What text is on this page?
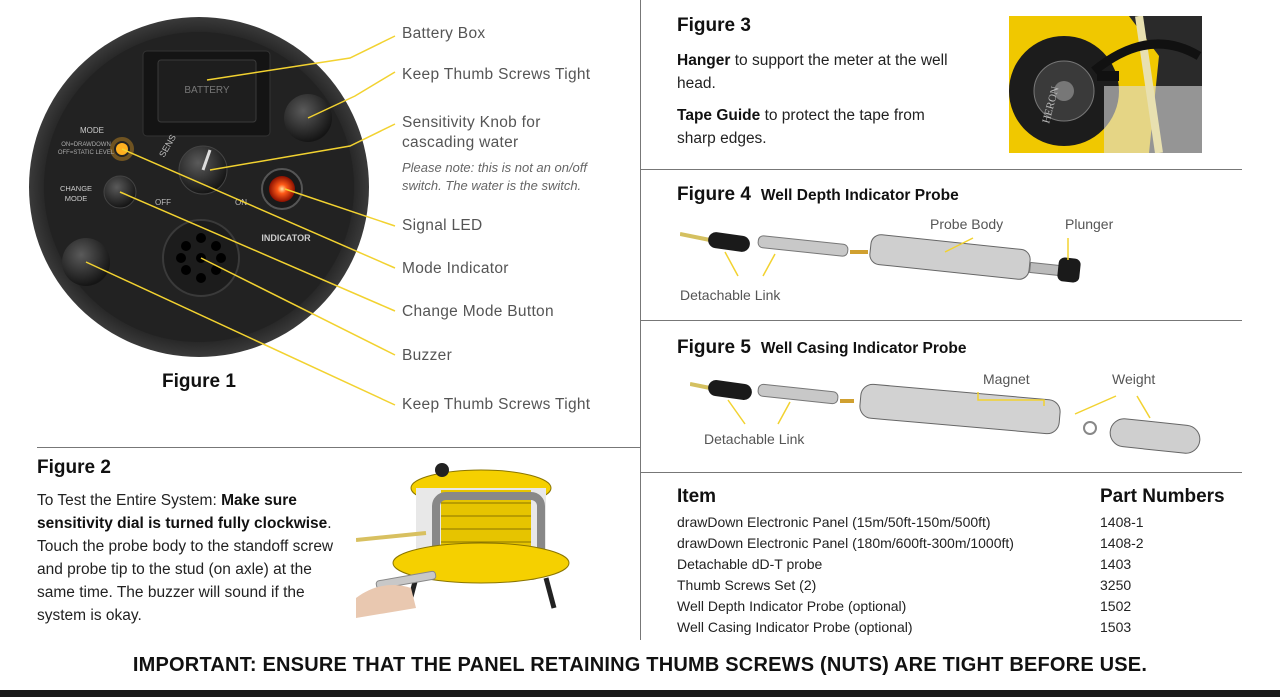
BATTERY
SENS
OFF	ON
INDICATOR
MODE
ON=DRAWDOWN
OFF=STATIC LEVEL
CHANGE
MODE
Battery Box
Keep Thumb Screws Tight
Sensitivity Knob for cascading water
Please note: this is not an on/off switch. The water is the switch.
Signal LED
Mode Indicator
Change Mode Button
Buzzer
Keep Thumb Screws Tight
Figure 1
Figure 2
To Test the Entire System: Make sure sensitivity dial is turned fully clockwise. Touch the probe body to the standoff screw and probe tip to the stud (on axle) at the same time. The buzzer will sound if the system is okay.
Figure 3
Hanger to support the meter at the well head.
Tape Guide to protect the tape from sharp edges.
HERON
Figure 4 Well Depth Indicator Probe
Probe Body	Plunger
Detachable Link
Figure 5 Well Casing Indicator Probe
Magnet	Weight
Detachable Link
Item	Part Numbers
drawDown Electronic Panel (15m/50ft-150m/500ft)	1408-1
drawDown Electronic Panel (180m/600ft-300m/1000ft)	1408-2
Detachable dD-T probe	1403
Thumb Screws Set (2)	3250
Well Depth Indicator Probe (optional)	1502
Well Casing Indicator Probe (optional)	1503
IMPORTANT: ENSURE THAT THE PANEL RETAINING THUMB SCREWS (NUTS) ARE TIGHT BEFORE USE.
